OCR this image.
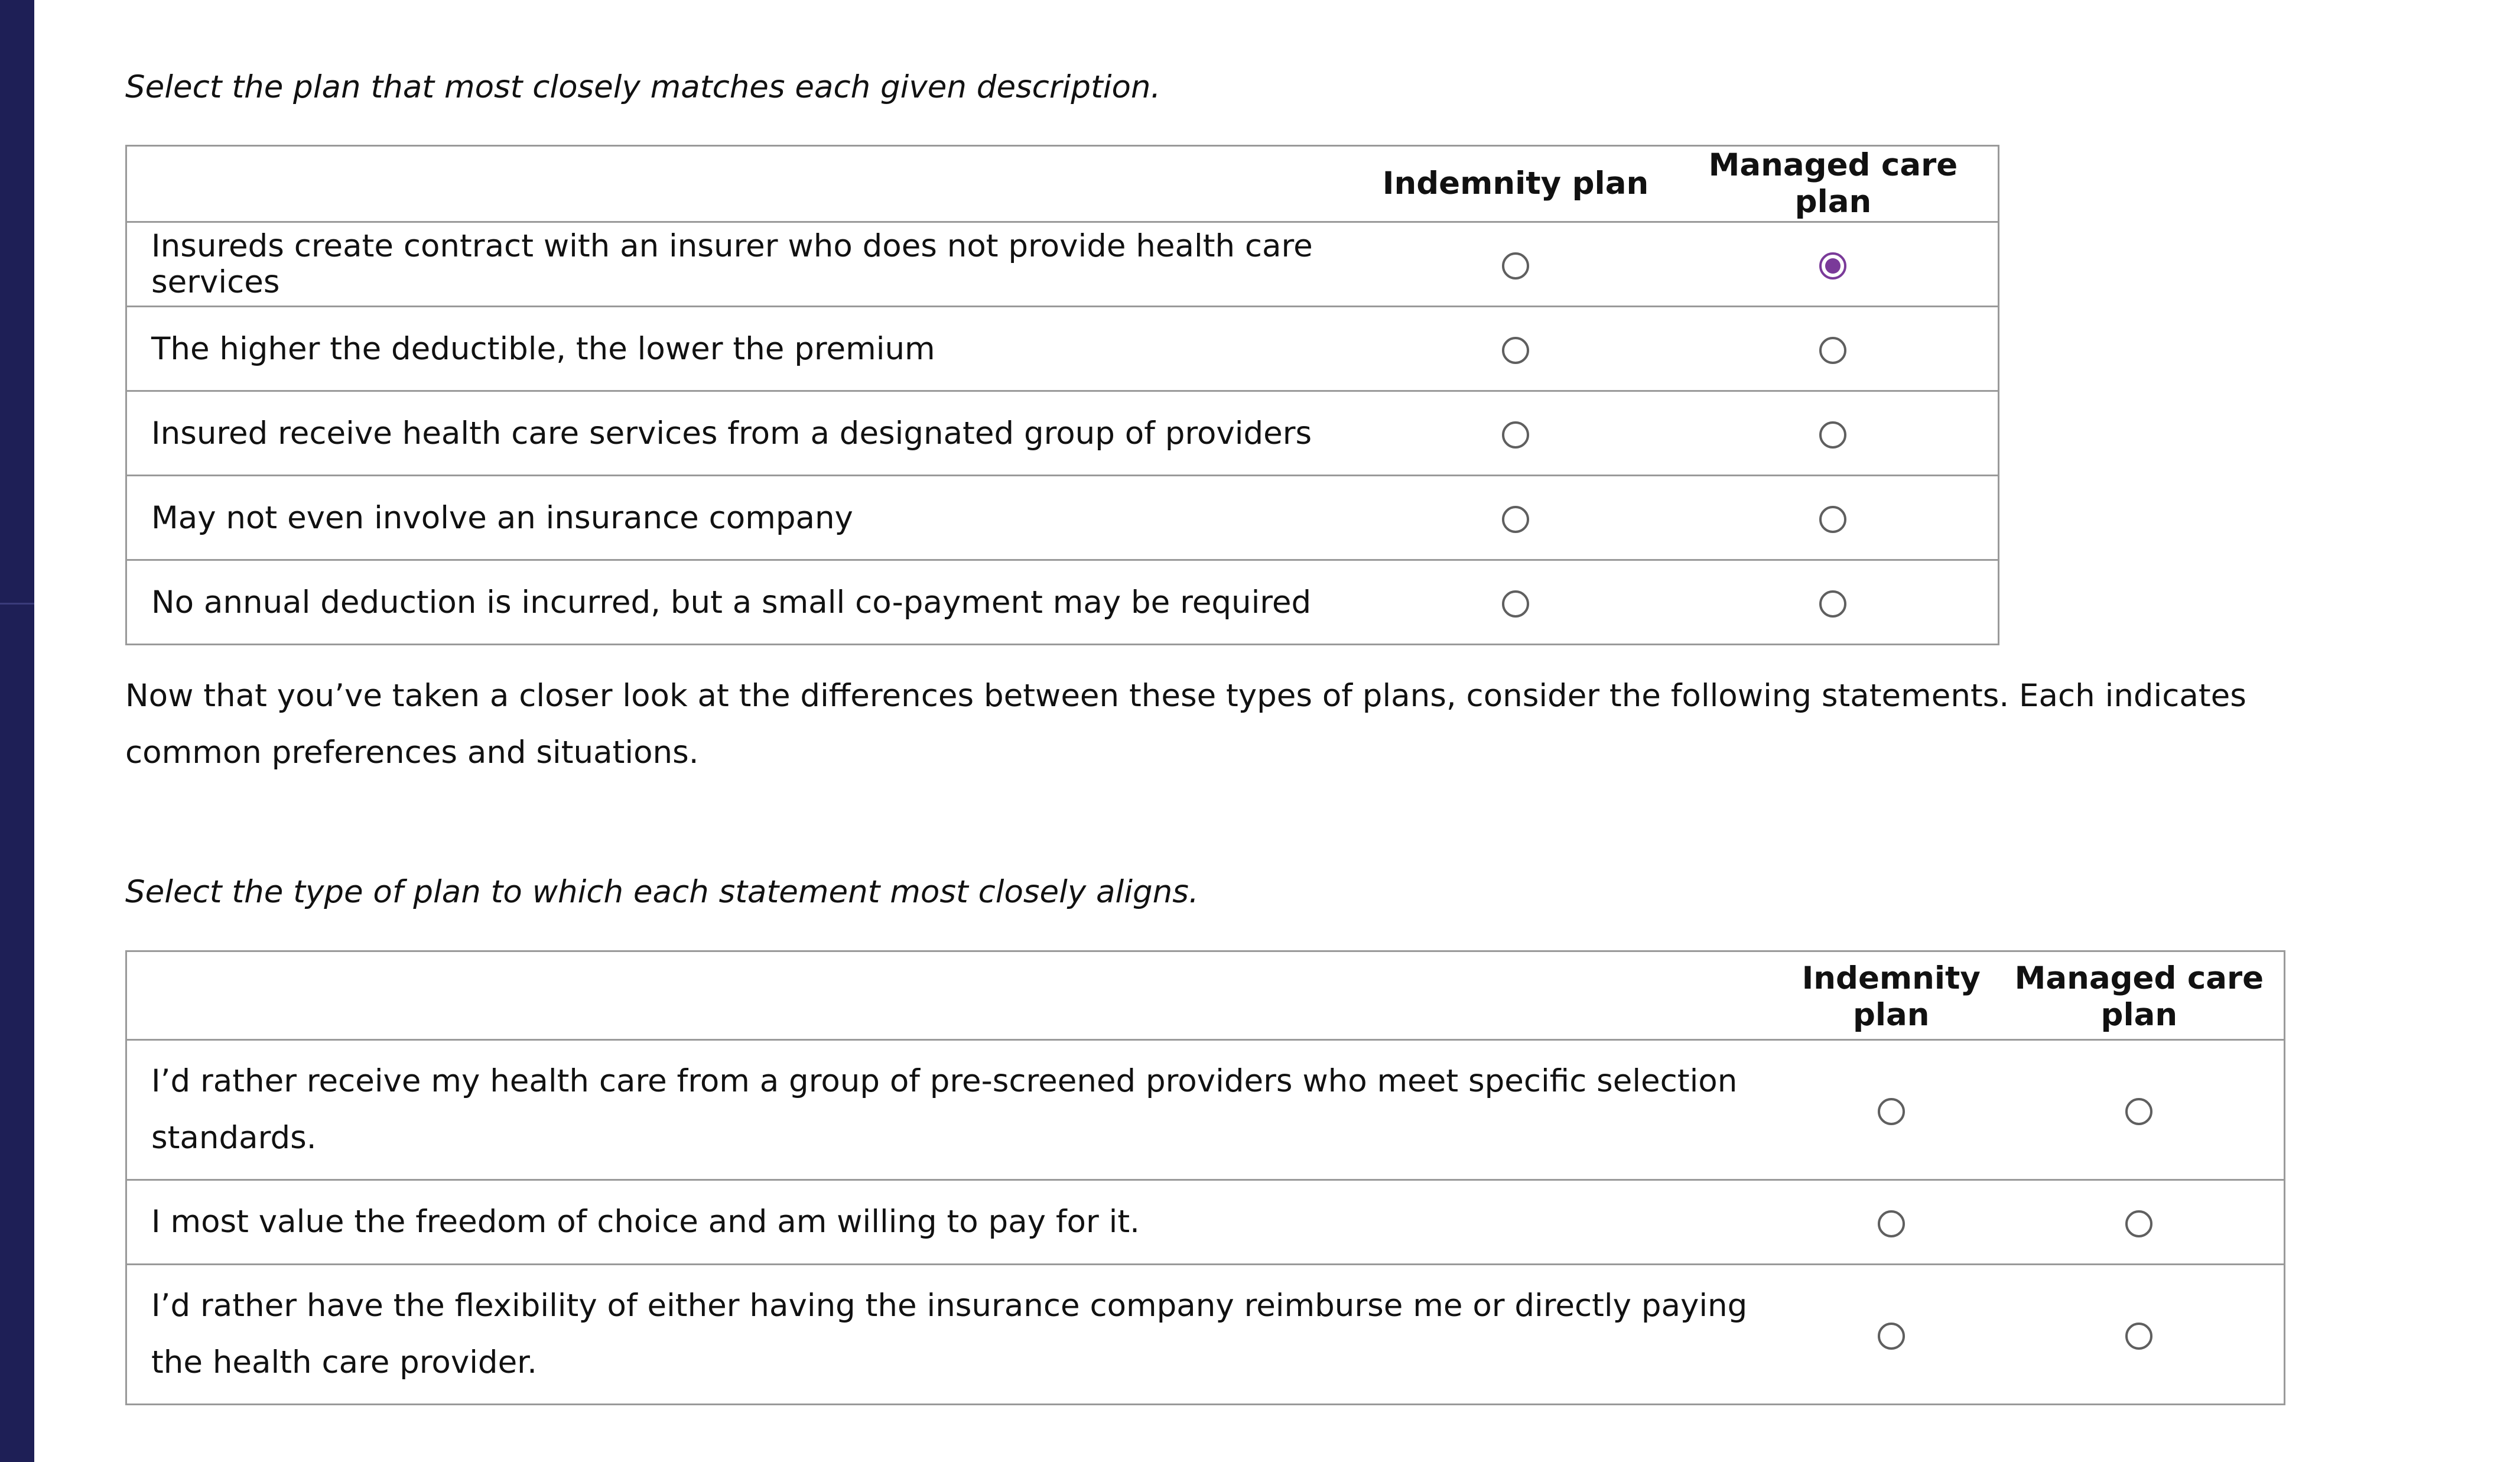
Select the plan that most closely matches each given description.
	Indemnity plan	Managed care plan
Insureds create contract with an insurer who does not provide health care services		
The higher the deductible, the lower the premium		
Insured receive health care services from a designated group of providers		
May not even involve an insurance company		
No annual deduction is incurred, but a small co-payment may be required		
Now that you’ve taken a closer look at the differences between these types of plans, consider the following statements. Each indicates common preferences and situations.
Select the type of plan to which each statement most closely aligns.
	Indemnity
plan	Managed care
plan
I’d rather receive my health care from a group of pre-screened providers who meet specific selection standards.		
I most value the freedom of choice and am willing to pay for it.		
I’d rather have the flexibility of either having the insurance company reimburse me or directly paying the health care provider.		
